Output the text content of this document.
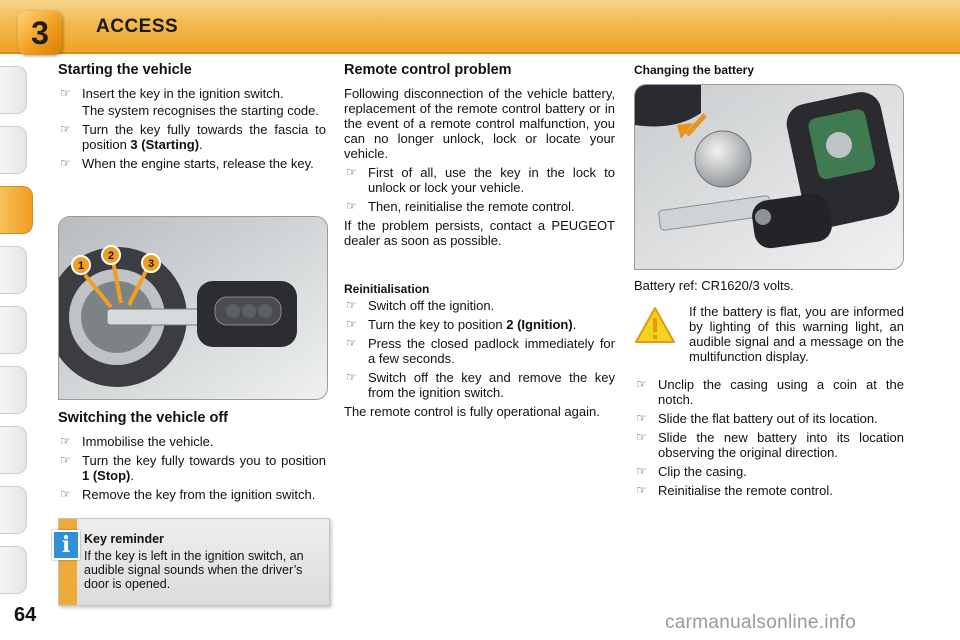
ACCESS
3
Starting the vehicle
☞ Insert the key in the ignition switch.
The system recognises the starting code.
☞ Turn the key fully towards the fascia to position 3 (Starting).
☞ When the engine starts, release the key.
1
2
3
Switching the vehicle off
☞ Immobilise the vehicle.
☞ Turn the key fully towards you to position 1 (Stop).
☞ Remove the key from the ignition switch.
i	Key reminder

If the key is left in the ignition switch, an audible signal sounds when the driver’s door is opened.

Remote control problem

Following disconnection of the vehicle battery, replacement of the remote control battery or in the event of a remote control malfunction, you can no longer unlock, lock or locate your vehicle.

☞ First of all, use the key in the lock to unlock or lock your vehicle.
☞ Then, reinitialise the remote control.

If the problem persists, contact a PEUGEOT dealer as soon as possible.

Reinitialisation
☞ Switch off the ignition.
☞ Turn the key to position 2 (Ignition).
☞ Press the closed padlock immediately for a few seconds.
☞ Switch off the key and remove the key from the ignition switch.

The remote control is fully operational again.

Changing the battery

Battery ref: CR1620/3 volts.

If the battery is flat, you are informed by lighting of this warning light, an audible signal and a message on the multifunction display.

☞ Unclip the casing using a coin at the notch.
☞ Slide the flat battery out of its location.
☞ Slide the new battery into its location observing the original direction.
☞ Clip the casing.
☞ Reinitialise the remote control.
64	carmanualsonline.info
